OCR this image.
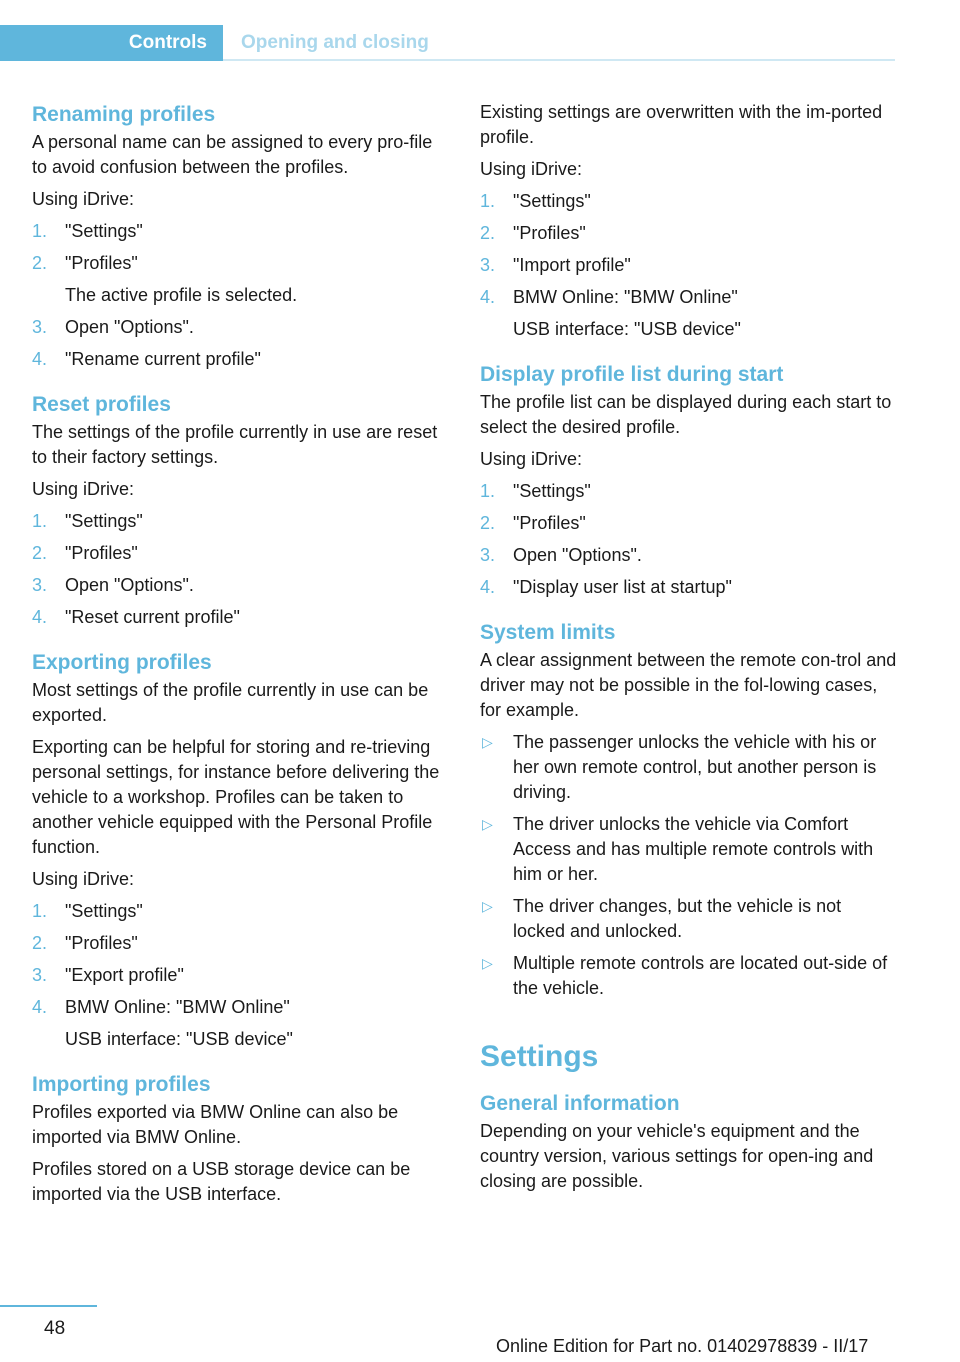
Controls	Opening and closing
Renaming profiles

A personal name can be assigned to every pro-file to avoid confusion between the profiles.

Using iDrive:

1. "Settings"
2. "Profiles"
The active profile is selected.
3. Open "Options".
4. "Rename current profile"
Reset profiles

The settings of the profile currently in use are reset to their factory settings.

Using iDrive:

1. "Settings"
2. "Profiles"
3. Open "Options".
4. "Reset current profile"
Exporting profiles

Most settings of the profile currently in use can be exported.

Exporting can be helpful for storing and re-trieving personal settings, for instance before delivering the vehicle to a workshop. Profiles can be taken to another vehicle equipped with the Personal Profile function.

Using iDrive:

1. "Settings"
2. "Profiles"
3. "Export profile"
4. BMW Online: "BMW Online"
USB interface: "USB device"
Importing profiles

Profiles exported via BMW Online can also be imported via BMW Online.

Profiles stored on a USB storage device can be imported via the USB interface.

Existing settings are overwritten with the im-ported profile.

Using iDrive:

1. "Settings"
2. "Profiles"
3. "Import profile"
4. BMW Online: "BMW Online"
USB interface: "USB device"
Display profile list during start

The profile list can be displayed during each start to select the desired profile.

Using iDrive:

1. "Settings"
2. "Profiles"
3. Open "Options".
4. "Display user list at startup"
System limits

A clear assignment between the remote con-trol and driver may not be possible in the fol-lowing cases, for example.

▷ The passenger unlocks the vehicle with his or her own remote control, but another person is driving.
▷ The driver unlocks the vehicle via Comfort Access and has multiple remote controls with him or her.
▷ The driver changes, but the vehicle is not locked and unlocked.
▷ Multiple remote controls are located out-side of the vehicle.
Settings
General information

Depending on your vehicle's equipment and the country version, various settings for open-ing and closing are possible.

48
Online Edition for Part no. 01402978839 - II/17
